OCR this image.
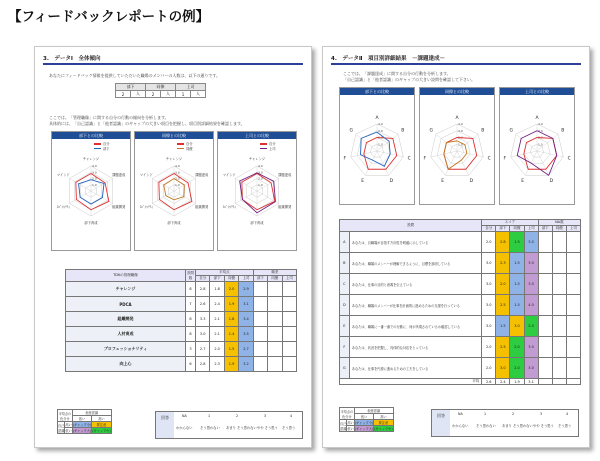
【フィードバックレポートの例】
3.　データⅠ　全体傾向
あなたにフィードバック情報を提供していただいた職場のメンバーの人数は、以下の通りです。
部下		同僚		上司	
2	人	2	人	1	人
ここでは、「管理職像」に関する自分の行動の傾向を分析します。
具体的には、「自己認識」と「他者認識」のギャップの大きい項目を把握し、項目別詳細結果を確認します。
部下との比較
4.0
3.0
2.0
1.0
チャレンジ
課題達成
組織開発
部下育成
ｽﾍﾟｼｬﾘﾃｨ
マインド
自分
部下
同僚との比較
4.0
3.0
2.0
1.0
チャレンジ
課題達成
組織開発
部下育成
ｽﾍﾟｼｬﾘﾃｨ
マインド
自分
同僚
上司との比較
4.0
3.0
2.0
1.0
チャレンジ
課題達成
組織開発
部下育成
ｽﾍﾟｼｬﾘﾃｨ
マインド
自分
上司
TDKの管理職像	設問数	平均点				順差		
		自分	部下	同僚	上司	部下	同僚	上司
チャレンジ	8	2.8	1.8	2.0	2.9			
PDCA	7	2.6	2.4	1.9	3.1			
組織開発	8	3.3	2.1	1.8	3.4			
人材育成	8	3.0	2.1	1.4	3.5			
プロフェッショナリティ	3	2.7	2.0	1.5	2.7			
向上心	6	2.8	2.3	1.9	3.2			
平均点の
色分け		他者認識	
		低い	高い
自己
認識	高い	(ギャップ小)	要注意
	低い	(ギャップ大)	(ギャップ小)
回答	NA	1	2	3	4
わからない そう思わない あまり そう思わない やや そう思う そう思う
4.　データⅡ　項目別詳細結果　－課題達成－
ここでは、「課題達成」に関する自分の行動を分析します。
「自己認識」と「他者認識」のギャップの大きい設問を確認して下さい。
部下との比較
4.0
3.0
2.0
1.0
A
B
C
D
E
F
G
同僚との比較
4.0
3.0
2.0
1.0
A
B
C
D
E
F
G
上司との比較
4.0
3.0
2.0
1.0
A
B
C
D
E
F
G
設問		スコア				NA数		
		自分	部下	同僚	上司	部下	同僚	上司
A	あなたは、自職場が目指す方向性を明確に示している	2.0	2.8	1.5	3.0			
B	あなたは、職場のメンバーが理解できるように、目標を説明している	3.0	2.3	1.5	3.0			
C	あなたは、仕事の目的と意義を伝えている	3.0	2.0	1.5	3.0			
D	あなたは、職場のメンバーが仕事を計画的に進めるための支援を行っている	3.0	2.5	1.5	4.0			
E	あなたは、職場に一番一番での行動に、何が実現されているか確認している	3.0	1.5	3.0	2.0			
F	あなたは、状況を把握し、具体的な対応をとっている	2.0	2.5	2.0	3.0			
G	あなたは、仕事を円滑に進めるための工夫をしている	2.0	3.0	2.0	3.0			
平均		2.6	2.4	1.9	3.1			
平均点の
色分け		他者認識	
		低い	高い
自己
認識	高い	(ギャップ小)	要注意
	低い	(ギャップ大)	(ギャップ小)
回答	NA	1	2	3	4
わからない そう思わない あまり そう思わない やや そう思う そう思う
